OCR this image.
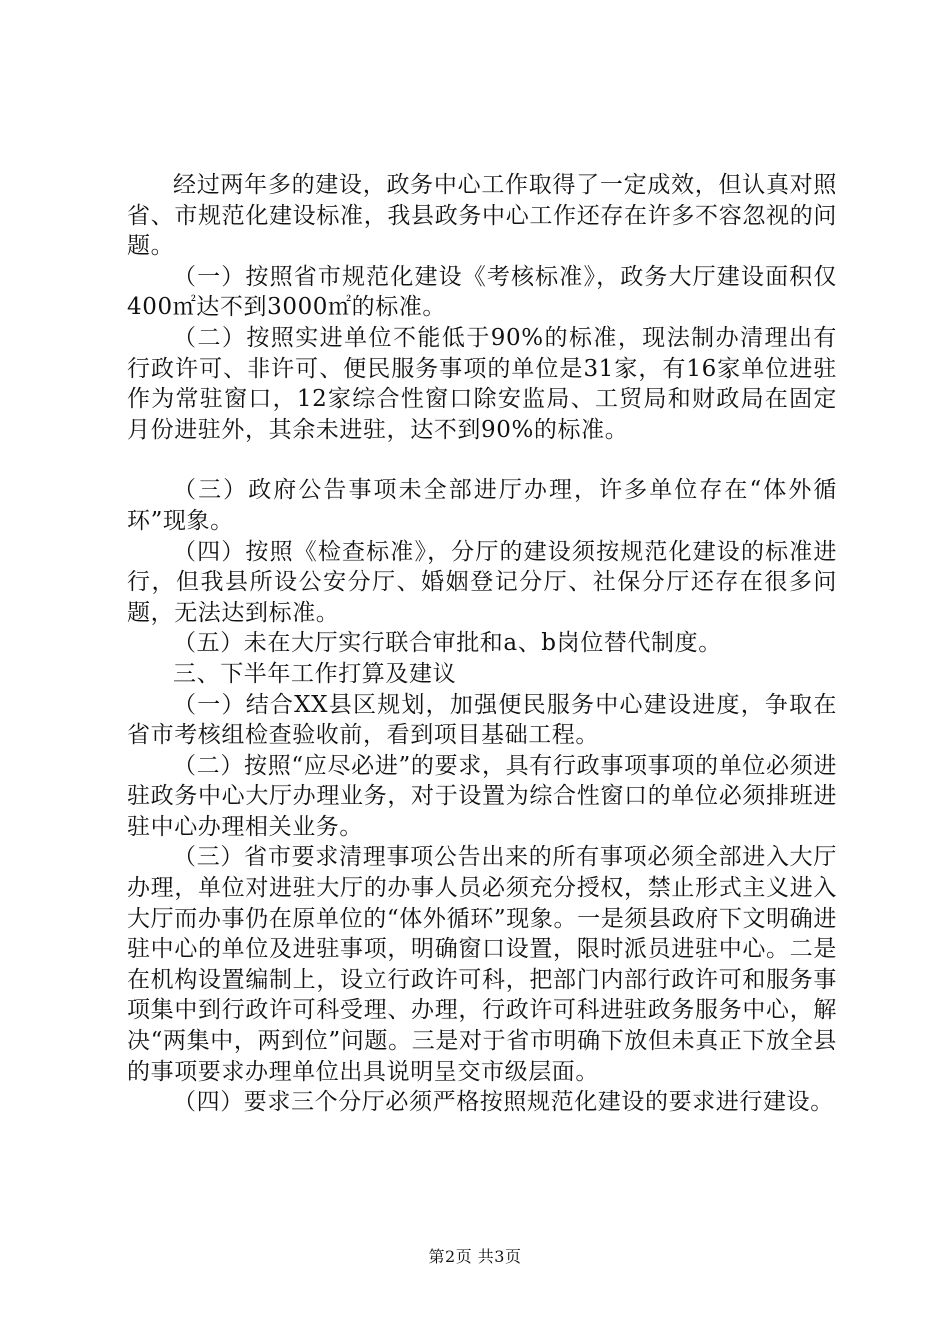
经过两年多的建设，政务中心工作取得了一定成效，但认真对照省、市规范化建设标准，我县政务中心工作还存在许多不容忽视的问题。

（一）按照省市规范化建设《考核标准》，政务大厅建设面积仅400㎡达不到3000㎡的标准。

（二）按照实进单位不能低于90%的标准，现法制办清理出有行政许可、非许可、便民服务事项的单位是31家，有16家单位进驻作为常驻窗口，12家综合性窗口除安监局、工贸局和财政局在固定月份进驻外，其余未进驻，达不到90%的标准。

（三）政府公告事项未全部进厅办理，许多单位存在“体外循环”现象。

（四）按照《检查标准》，分厅的建设须按规范化建设的标准进行，但我县所设公安分厅、婚姻登记分厅、社保分厅还存在很多问题，无法达到标准。

（五）未在大厅实行联合审批和a、b岗位替代制度。

三、下半年工作打算及建议

（一）结合XX县区规划，加强便民服务中心建设进度，争取在省市考核组检查验收前，看到项目基础工程。

（二）按照“应尽必进”的要求，具有行政事项事项的单位必须进驻政务中心大厅办理业务，对于设置为综合性窗口的单位必须排班进驻中心办理相关业务。

（三）省市要求清理事项公告出来的所有事项必须全部进入大厅办理，单位对进驻大厅的办事人员必须充分授权，禁止形式主义进入大厅而办事仍在原单位的“体外循环”现象。一是须县政府下文明确进驻中心的单位及进驻事项，明确窗口设置，限时派员进驻中心。二是在机构设置编制上，设立行政许可科，把部门内部行政许可和服务事项集中到行政许可科受理、办理，行政许可科进驻政务服务中心，解决“两集中，两到位”问题。三是对于省市明确下放但未真正下放全县的事项要求办理单位出具说明呈交市级层面。

（四）要求三个分厅必须严格按照规范化建设的要求进行建设。

第2页 共3页
